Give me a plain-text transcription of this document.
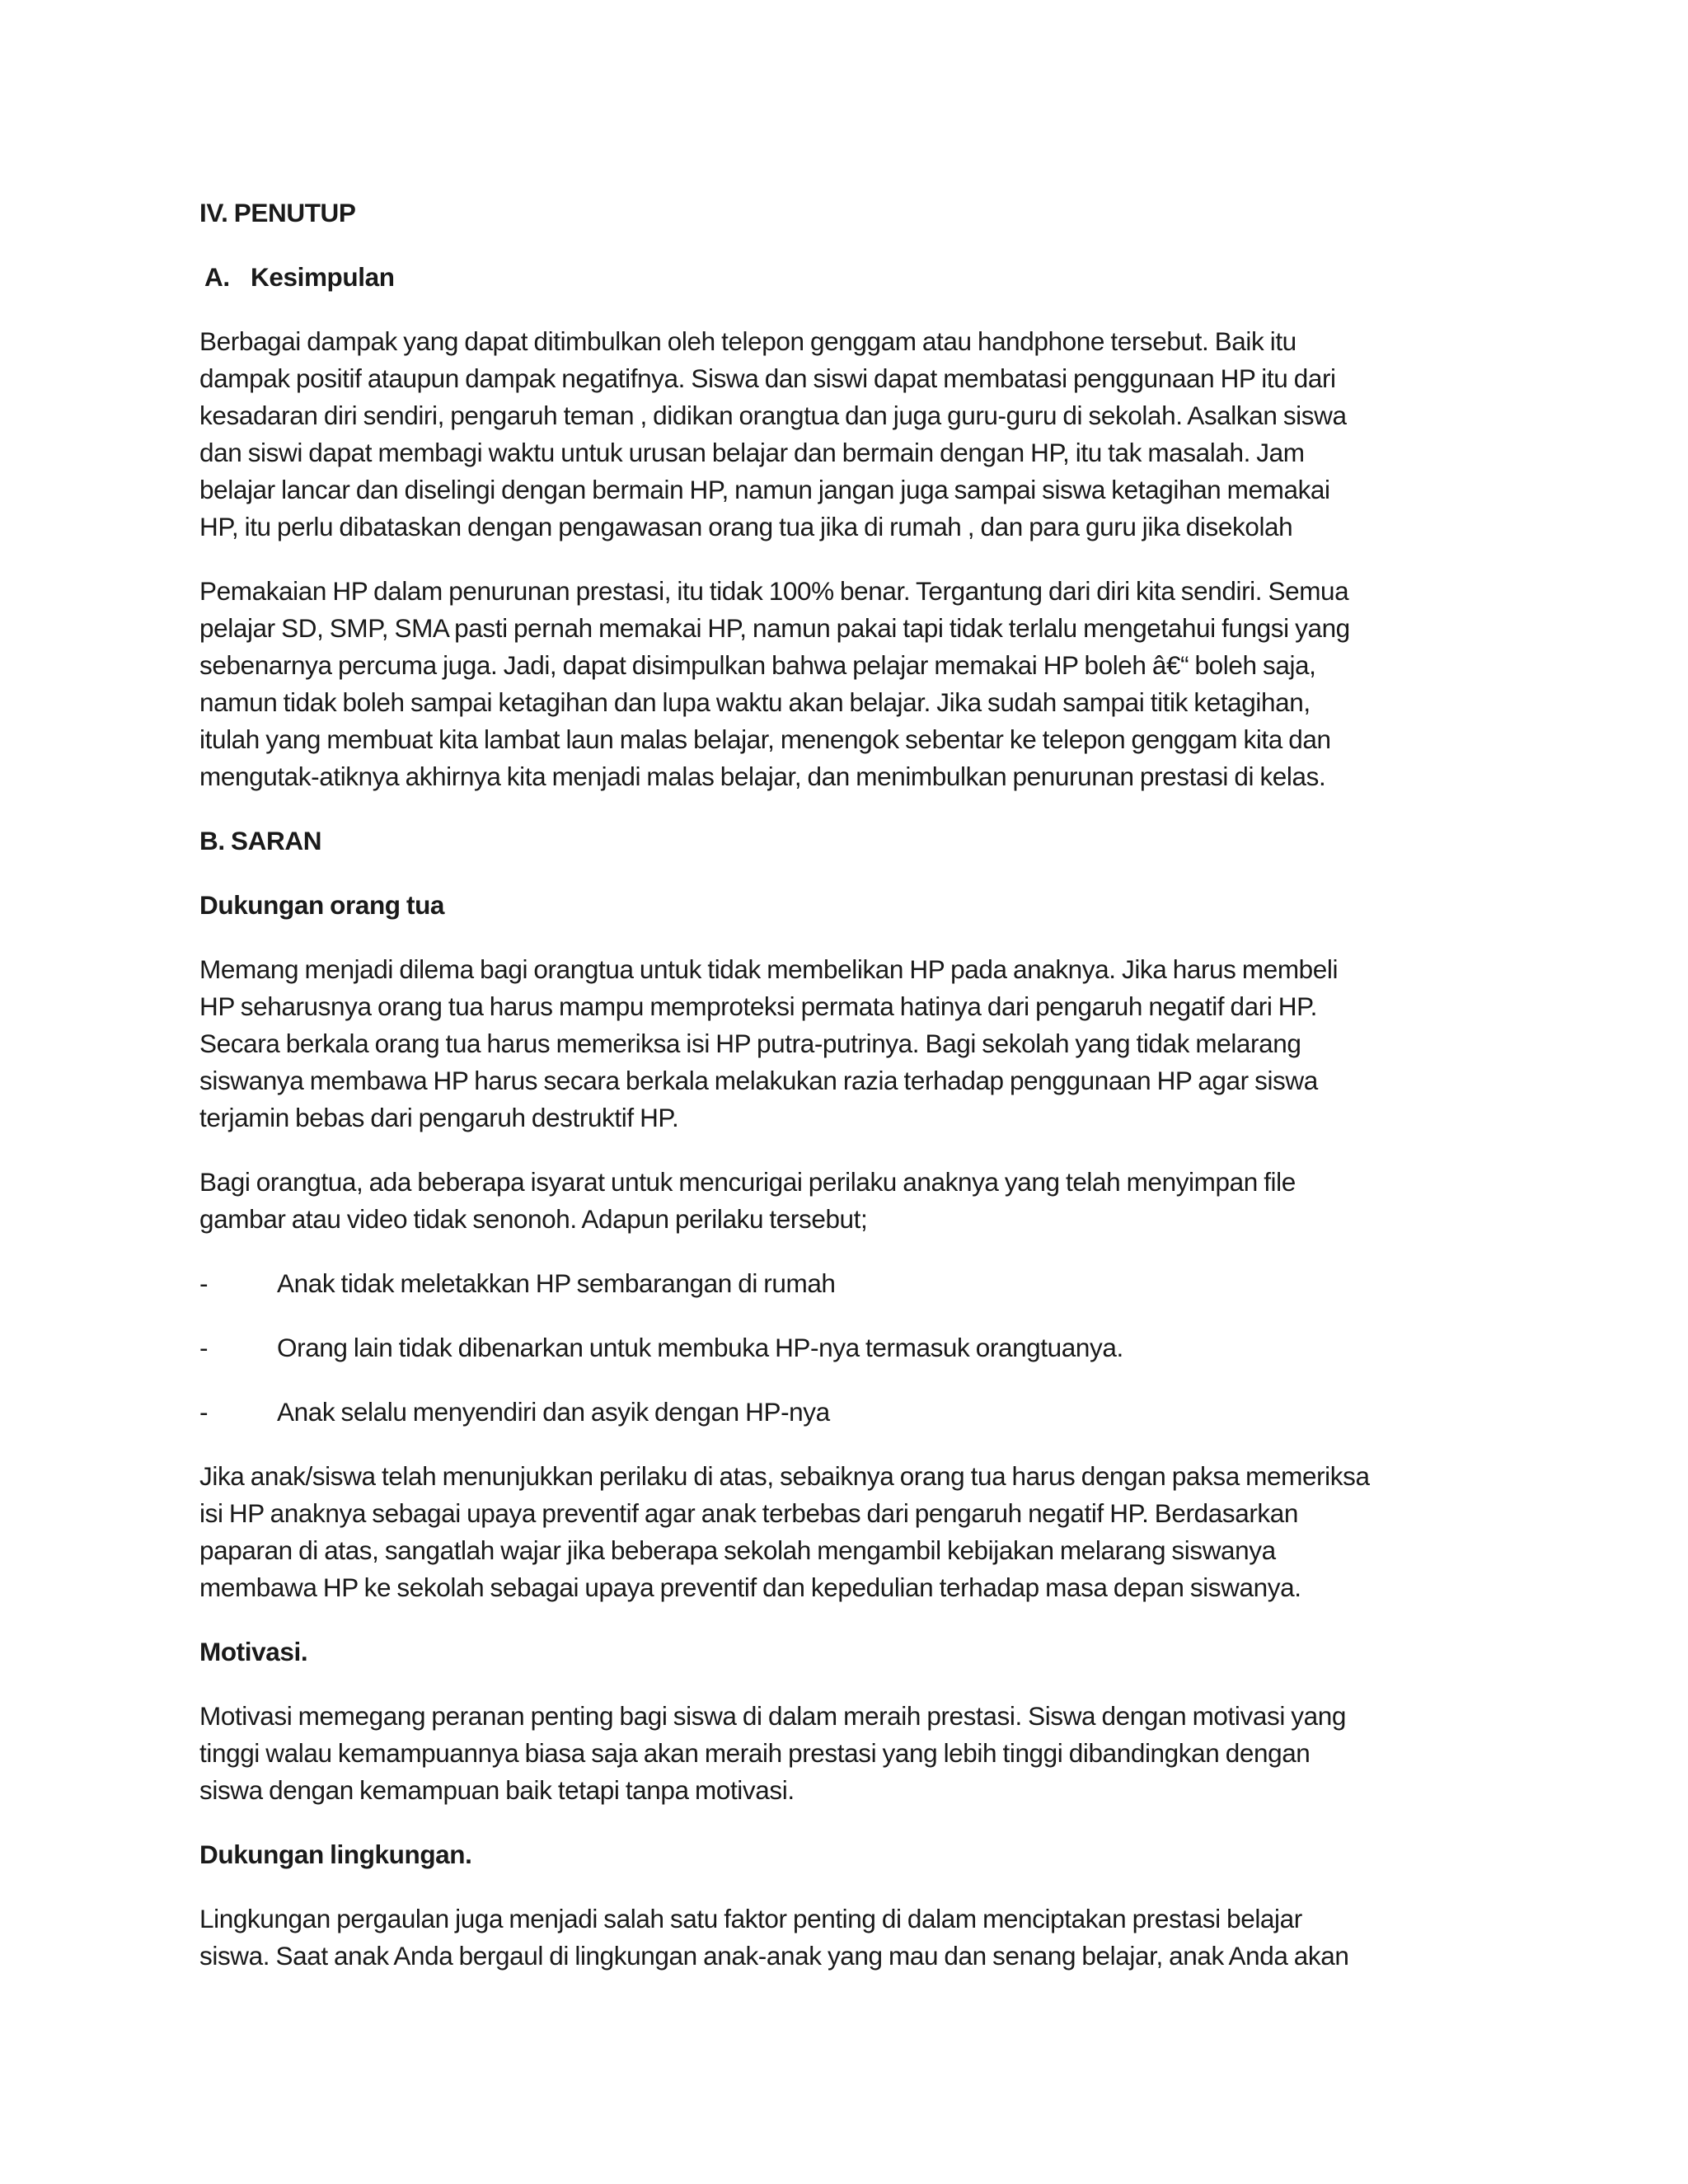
IV. PENUTUP
A. Kesimpulan
Berbagai dampak yang dapat ditimbulkan oleh telepon genggam atau handphone tersebut. Baik itu
dampak positif ataupun dampak negatifnya. Siswa dan siswi dapat membatasi penggunaan HP itu dari
kesadaran diri sendiri, pengaruh teman , didikan orangtua dan juga guru-guru di sekolah. Asalkan siswa
dan siswi dapat membagi waktu untuk urusan belajar dan bermain dengan HP, itu tak masalah. Jam
belajar lancar dan diselingi dengan bermain HP, namun jangan juga sampai siswa ketagihan memakai
HP, itu perlu dibataskan dengan pengawasan orang tua jika di rumah , dan para guru jika disekolah
Pemakaian HP dalam penurunan prestasi, itu tidak 100% benar. Tergantung dari diri kita sendiri. Semua
pelajar SD, SMP, SMA pasti pernah memakai HP, namun pakai tapi tidak terlalu mengetahui fungsi yang
sebenarnya percuma juga. Jadi, dapat disimpulkan bahwa pelajar memakai HP boleh â€“ boleh saja,
namun tidak boleh sampai ketagihan dan lupa waktu akan belajar. Jika sudah sampai titik ketagihan,
itulah yang membuat kita lambat laun malas belajar, menengok sebentar ke telepon genggam kita dan
mengutak-atiknya akhirnya kita menjadi malas belajar, dan menimbulkan penurunan prestasi di kelas.
B. SARAN
Dukungan orang tua
Memang menjadi dilema bagi orangtua untuk tidak membelikan HP pada anaknya. Jika harus membeli
HP seharusnya orang tua harus mampu memproteksi permata hatinya dari pengaruh negatif dari HP.
Secara berkala orang tua harus memeriksa isi HP putra-putrinya. Bagi sekolah yang tidak melarang
siswanya membawa HP harus secara berkala melakukan razia terhadap penggunaan HP agar siswa
terjamin bebas dari pengaruh destruktif HP.
Bagi orangtua, ada beberapa isyarat untuk mencurigai perilaku anaknya yang telah menyimpan file
gambar atau video tidak senonoh. Adapun perilaku tersebut;
-	Anak tidak meletakkan HP sembarangan di rumah
-	Orang lain tidak dibenarkan untuk membuka HP-nya termasuk orangtuanya.
-	Anak selalu menyendiri dan asyik dengan HP-nya
Jika anak/siswa telah menunjukkan perilaku di atas, sebaiknya orang tua harus dengan paksa memeriksa
isi HP anaknya sebagai upaya preventif agar anak terbebas dari pengaruh negatif HP. Berdasarkan
paparan di atas, sangatlah wajar jika beberapa sekolah mengambil kebijakan melarang siswanya
membawa HP ke sekolah sebagai upaya preventif dan kepedulian terhadap masa depan siswanya.
Motivasi.
Motivasi memegang peranan penting bagi siswa di dalam meraih prestasi. Siswa dengan motivasi yang
tinggi walau kemampuannya biasa saja akan meraih prestasi yang lebih tinggi dibandingkan dengan
siswa dengan kemampuan baik tetapi tanpa motivasi.
Dukungan lingkungan.
Lingkungan pergaulan juga menjadi salah satu faktor penting di dalam menciptakan prestasi belajar
siswa. Saat anak Anda bergaul di lingkungan anak-anak yang mau dan senang belajar, anak Anda akan
